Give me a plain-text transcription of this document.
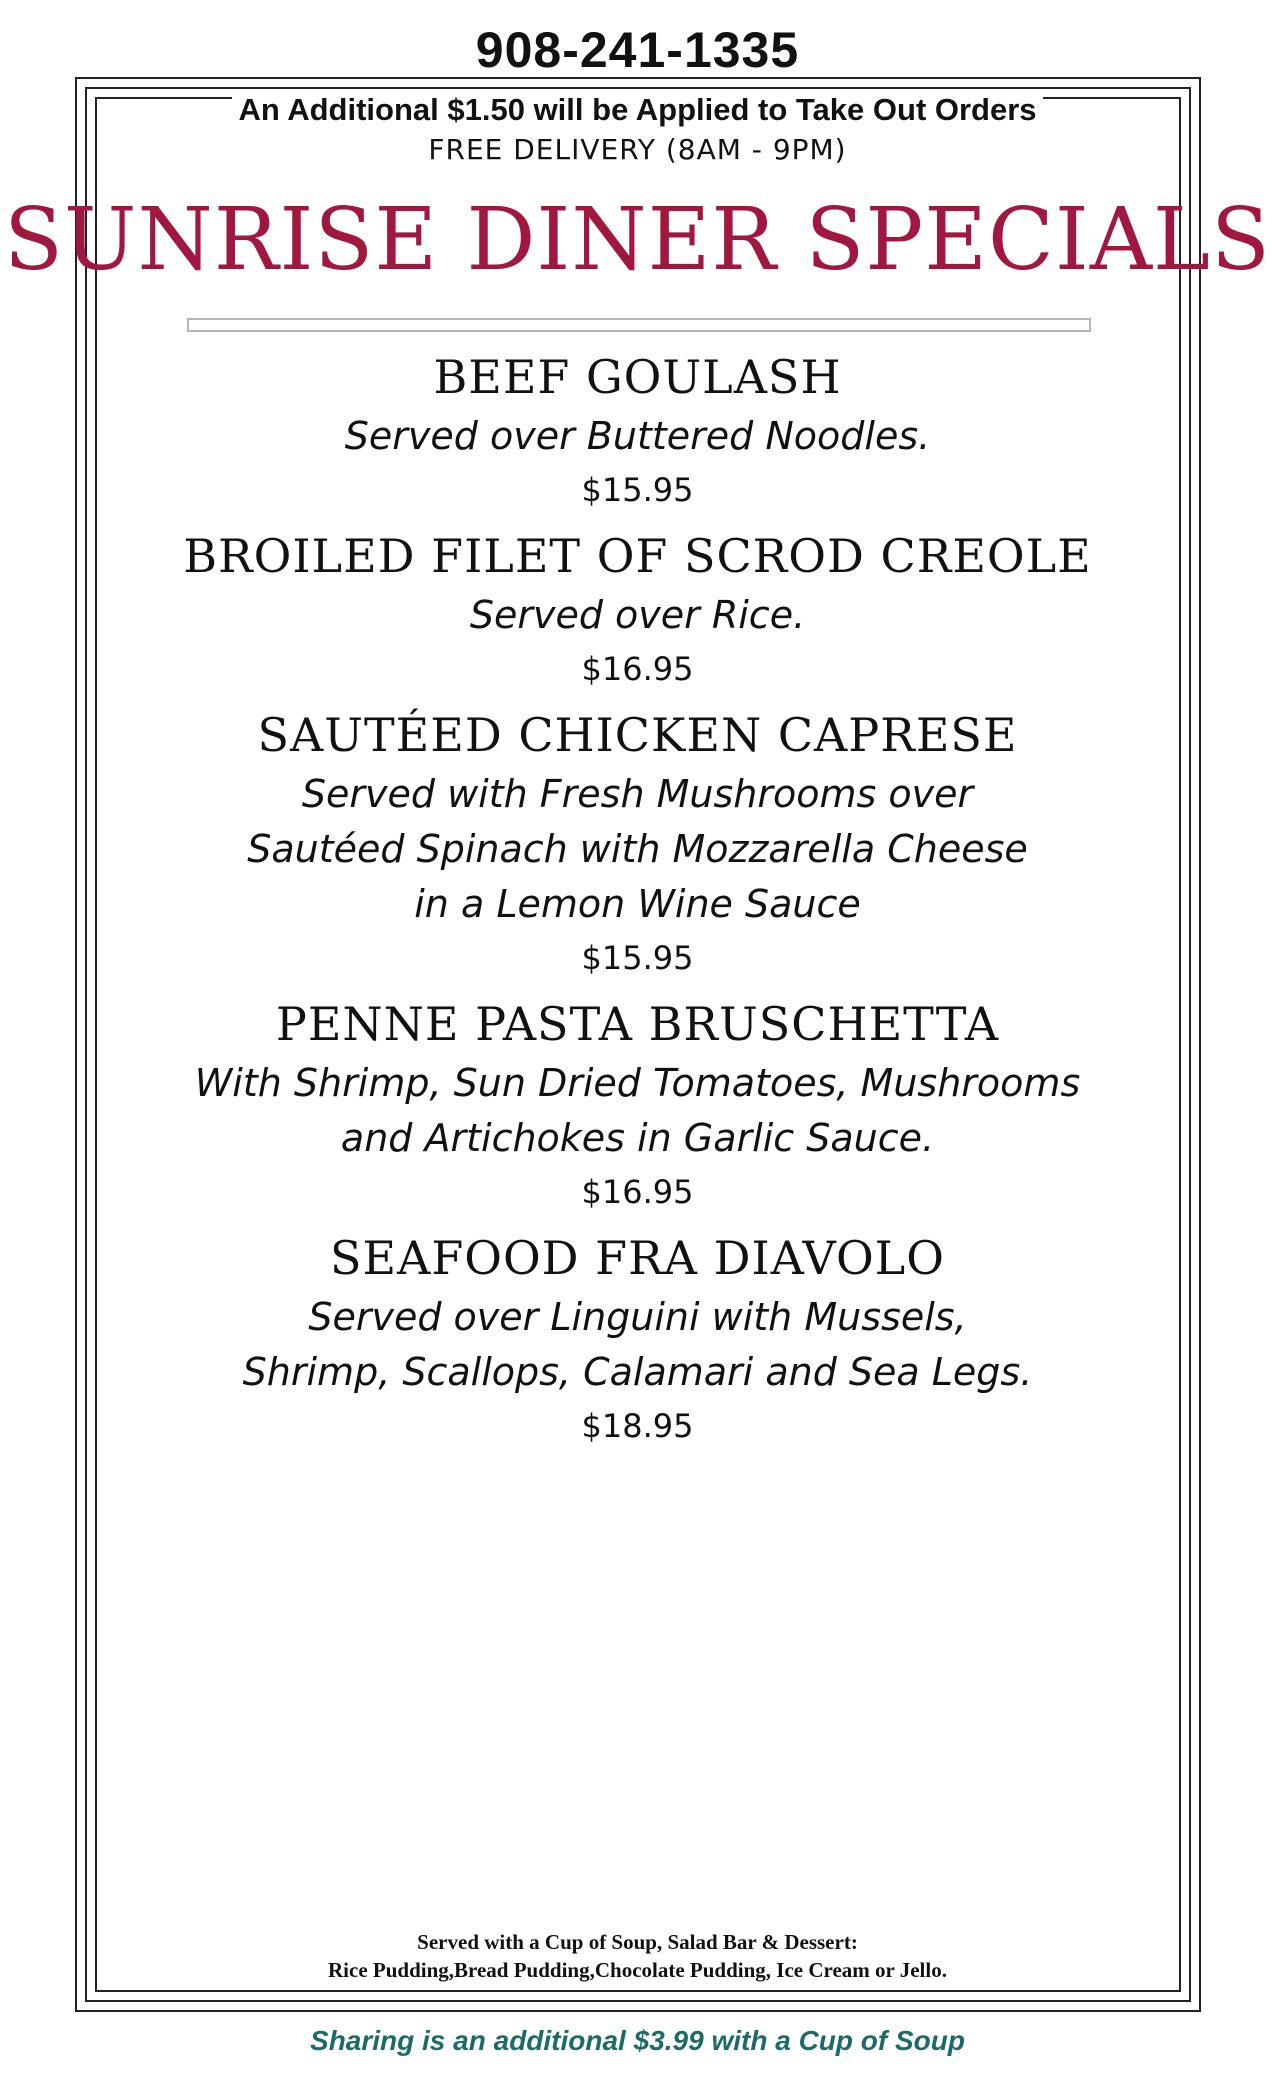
908-241-1335
An Additional $1.50 will be Applied to Take Out Orders
FREE DELIVERY (8AM - 9PM)
SUNRISE DINER SPECIALS
BEEF GOULASH
Served over Buttered Noodles.
$15.95
BROILED FILET OF SCROD CREOLE
Served over Rice.
$16.95
SAUTÉED CHICKEN CAPRESE
Served with Fresh Mushrooms over Sautéed Spinach with Mozzarella Cheese in a Lemon Wine Sauce
$15.95
PENNE PASTA BRUSCHETTA
With Shrimp, Sun Dried Tomatoes, Mushrooms and Artichokes in Garlic Sauce.
$16.95
SEAFOOD FRA DIAVOLO
Served over Linguini with Mussels, Shrimp, Scallops, Calamari and Sea Legs.
$18.95
Served with a Cup of Soup, Salad Bar & Dessert:
Rice Pudding,Bread Pudding,Chocolate Pudding, Ice Cream or Jello.
Sharing is an additional $3.99 with a Cup of Soup
